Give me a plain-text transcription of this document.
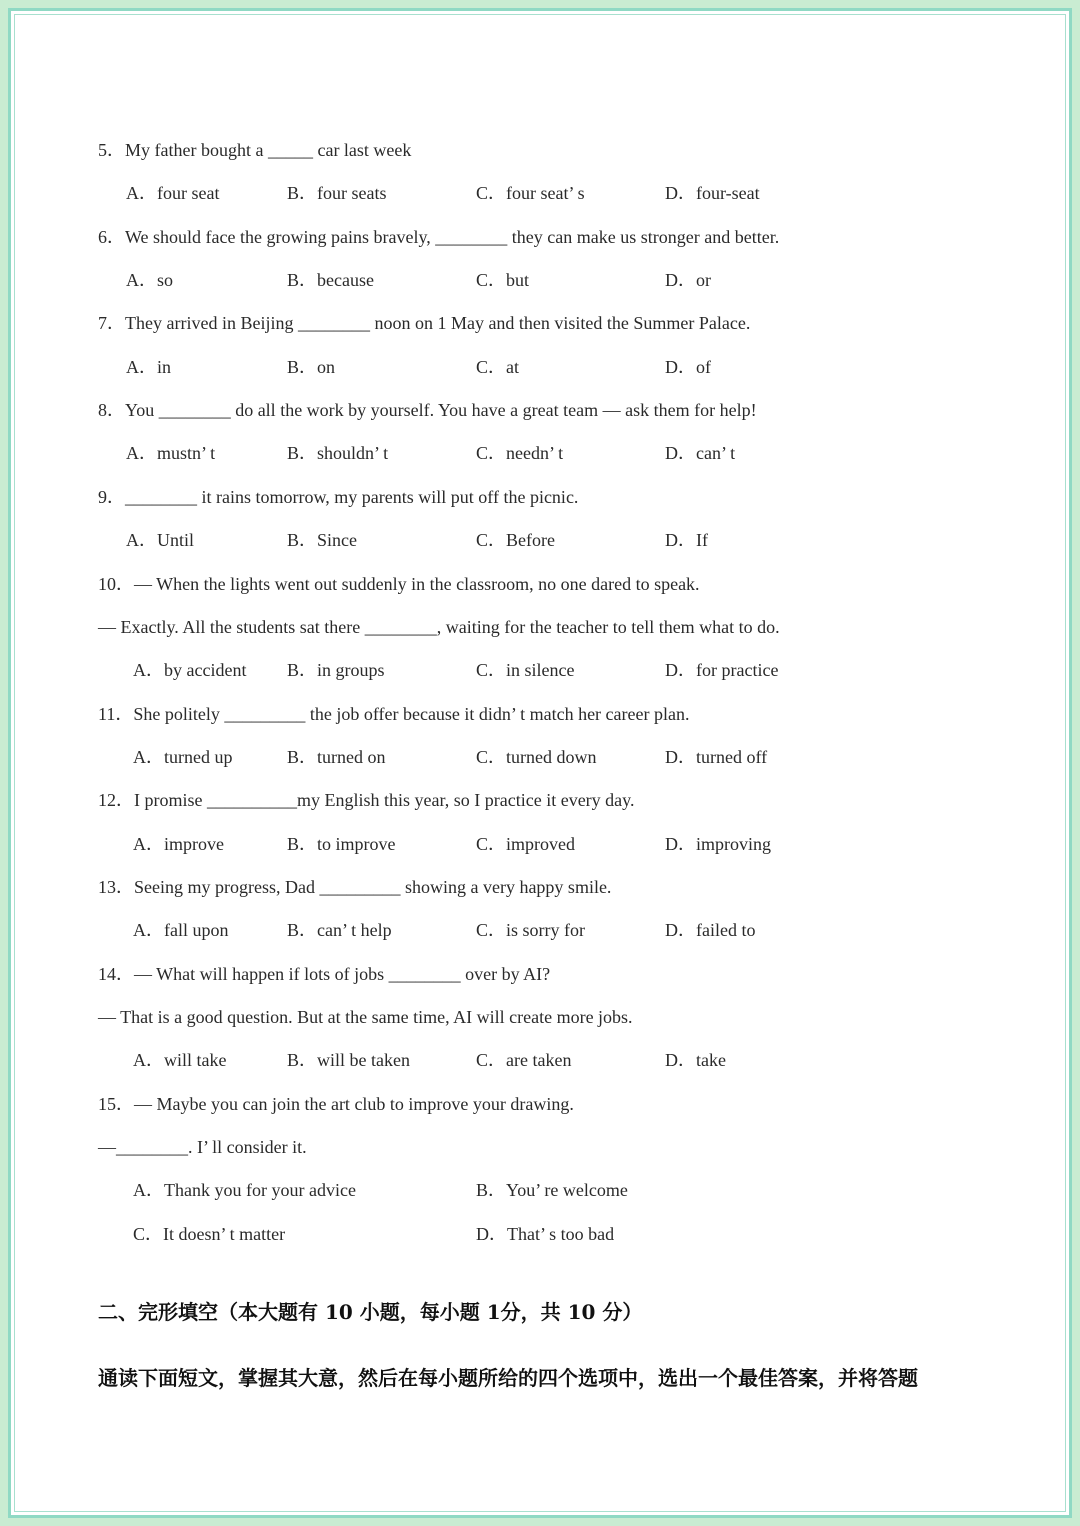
5．My father bought a _____ car last week
A．four seat	B．four seats	C．four seat’ s	D．four-seat
6．We should face the growing pains bravely, ________ they can make us stronger and better.
A．so	B．because	C．but	D．or
7．They arrived in Beijing ________ noon on 1 May and then visited the Summer Palace.
A．in	B．on	C．at	D．of
8．You ________ do all the work by yourself. You have a great team — ask them for help!
A．mustn’ t	B．shouldn’ t	C．needn’ t	D．can’ t
9．________ it rains tomorrow, my parents will put off the picnic.
A．Until	B．Since	C．Before	D．If
10．— When the lights went out suddenly in the classroom, no one dared to speak.
— Exactly. All the students sat there ________, waiting for the teacher to tell them what to do.
A．by accident B．in groups	C．in silence	D．for practice
11．She politely _________ the job offer because it didn’ t match her career plan.
A．turned up	B．turned on	C．turned down	D．turned off
12．I promise __________my English this year, so I practice it every day.
A．improve	B．to improve	C．improved	D．improving
13．Seeing my progress, Dad _________ showing a very happy smile.
A．fall upon	B．can’ t help	C．is sorry for	D．failed to
14．— What will happen if lots of jobs ________ over by AI?
— That is a good question. But at the same time, AI will create more jobs.
A．will take	B．will be taken	C．are taken	D．take
15．— Maybe you can join the art club to improve your drawing.
—________. I’ ll consider it.
A．Thank you for your advice	B．You’ re welcome
C．It doesn’ t matter	D．That’ s too bad
二、完形填空（本大题有 10 小题，每小题 1分，共 10 分）
通读下面短文，掌握其大意，然后在每小题所给的四个选项中，选出一个最佳答案，并将答题
